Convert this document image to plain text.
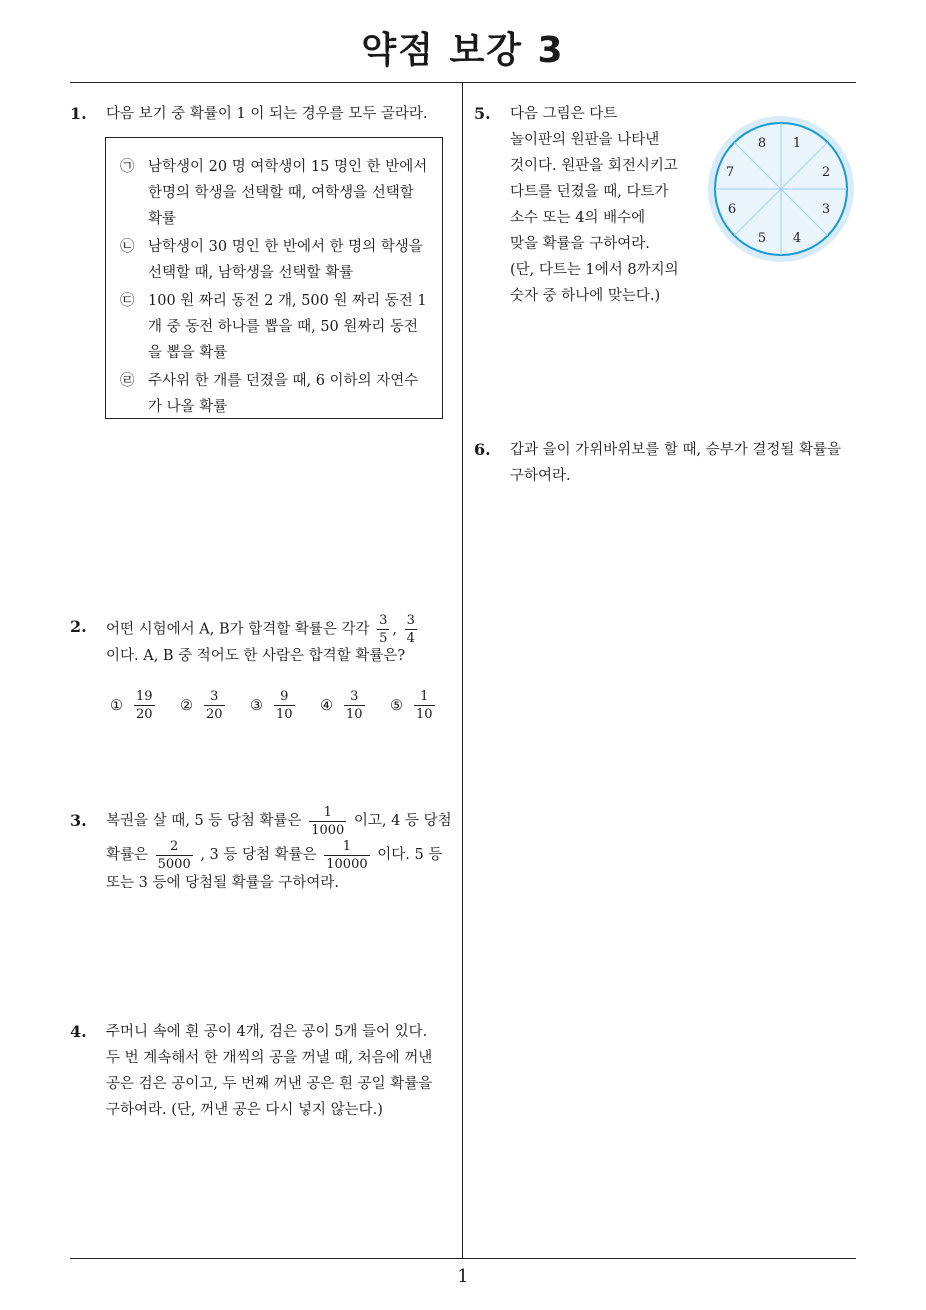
약점 보강 3
1
1. 다음 보기 중 확률이 1 이 되는 경우를 모두 골라라.
㉠ 남학생이 20 명 여학생이 15 명인 한 반에서 한명의 학생을 선택할 때, 여학생을 선택할 확률
㉡ 남학생이 30 명인 한 반에서 한 명의 학생을 선택할 때, 남학생을 선택할 확률
㉢ 100 원 짜리 동전 2 개, 500 원 짜리 동전 1 개 중 동전 하나를 뽑을 때, 50 원짜리 동전을 뽑을 확률
㉣ 주사위 한 개를 던졌을 때, 6 이하의 자연수가 나올 확률
2. 어떤 시험에서 A, B가 합격할 확률은 각각 $\frac{3}{5}$ , $\frac{3}{4}$
이다. A, B 중 적어도 한 사람은 합격할 확률은?
① $\frac{19}{20}$ ② $\frac{3}{20}$ ③ $\frac{9}{10}$ ④ $\frac{3}{10}$ ⑤ $\frac{1}{10}$
3. 복권을 살 때, 5 등 당첨 확률은 $\frac{1}{1000}$ 이고, 4 등 당첨
확률은 $\frac{2}{5000}$ , 3 등 당첨 확률은 $\frac{1}{10000}$ 이다. 5 등
또는 3 등에 당첨될 확률을 구하여라.
4. 주머니 속에 흰 공이 4개, 검은 공이 5개 들어 있다.
두 번 계속해서 한 개씩의 공을 꺼낼 때, 처음에 꺼낸
공은 검은 공이고, 두 번째 꺼낸 공은 흰 공일 확률을
구하여라. (단, 꺼낸 공은 다시 넣지 않는다.)
5. 다음 그림은 다트
놀이판의 원판을 나타낸
것이다. 원판을 회전시키고
다트를 던졌을 때, 다트가
소수 또는 4의 배수에
맞을 확률을 구하여라.
(단, 다트는 1에서 8까지의
숫자 중 하나에 맞는다.)
1
2
3
4
5
6
7
8
6. 갑과 을이 가위바위보를 할 때, 승부가 결정될 확률을
구하여라.
